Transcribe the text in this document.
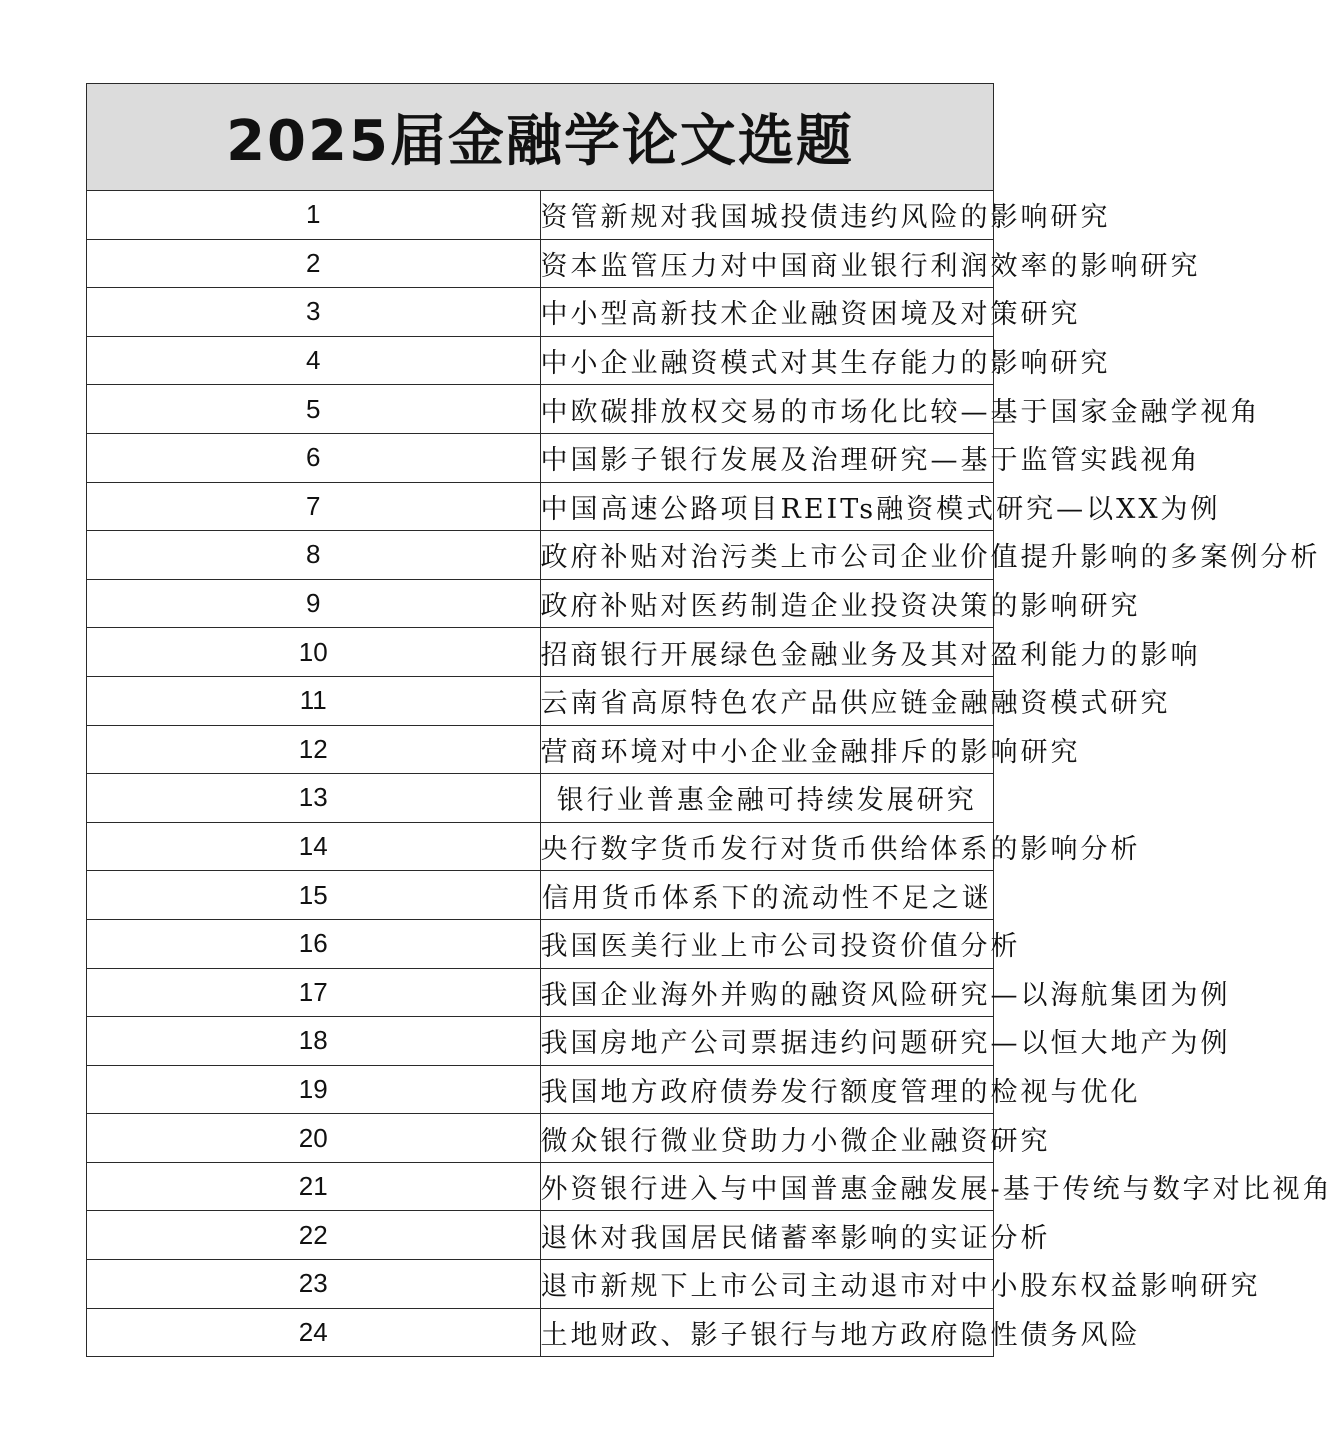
2025届金融学论文选题	
1	资管新规对我国城投债违约风险的影响研究
2	资本监管压力对中国商业银行利润效率的影响研究
3	中小型高新技术企业融资困境及对策研究
4	中小企业融资模式对其生存能力的影响研究
5	中欧碳排放权交易的市场化比较—基于国家金融学视角
6	中国影子银行发展及治理研究—基于监管实践视角
7	中国高速公路项目REITs融资模式研究—以XX为例
8	政府补贴对治污类上市公司企业价值提升影响的多案例分析
9	政府补贴对医药制造企业投资决策的影响研究
10	招商银行开展绿色金融业务及其对盈利能力的影响
11	云南省高原特色农产品供应链金融融资模式研究
12	营商环境对中小企业金融排斥的影响研究
13	银行业普惠金融可持续发展研究
14	央行数字货币发行对货币供给体系的影响分析
15	信用货币体系下的流动性不足之谜
16	我国医美行业上市公司投资价值分析
17	我国企业海外并购的融资风险研究—以海航集团为例
18	我国房地产公司票据违约问题研究—以恒大地产为例
19	我国地方政府债券发行额度管理的检视与优化
20	微众银行微业贷助力小微企业融资研究
21	外资银行进入与中国普惠金融发展-基于传统与数字对比视角
22	退休对我国居民储蓄率影响的实证分析
23	退市新规下上市公司主动退市对中小股东权益影响研究
24	土地财政、影子银行与地方政府隐性债务风险
